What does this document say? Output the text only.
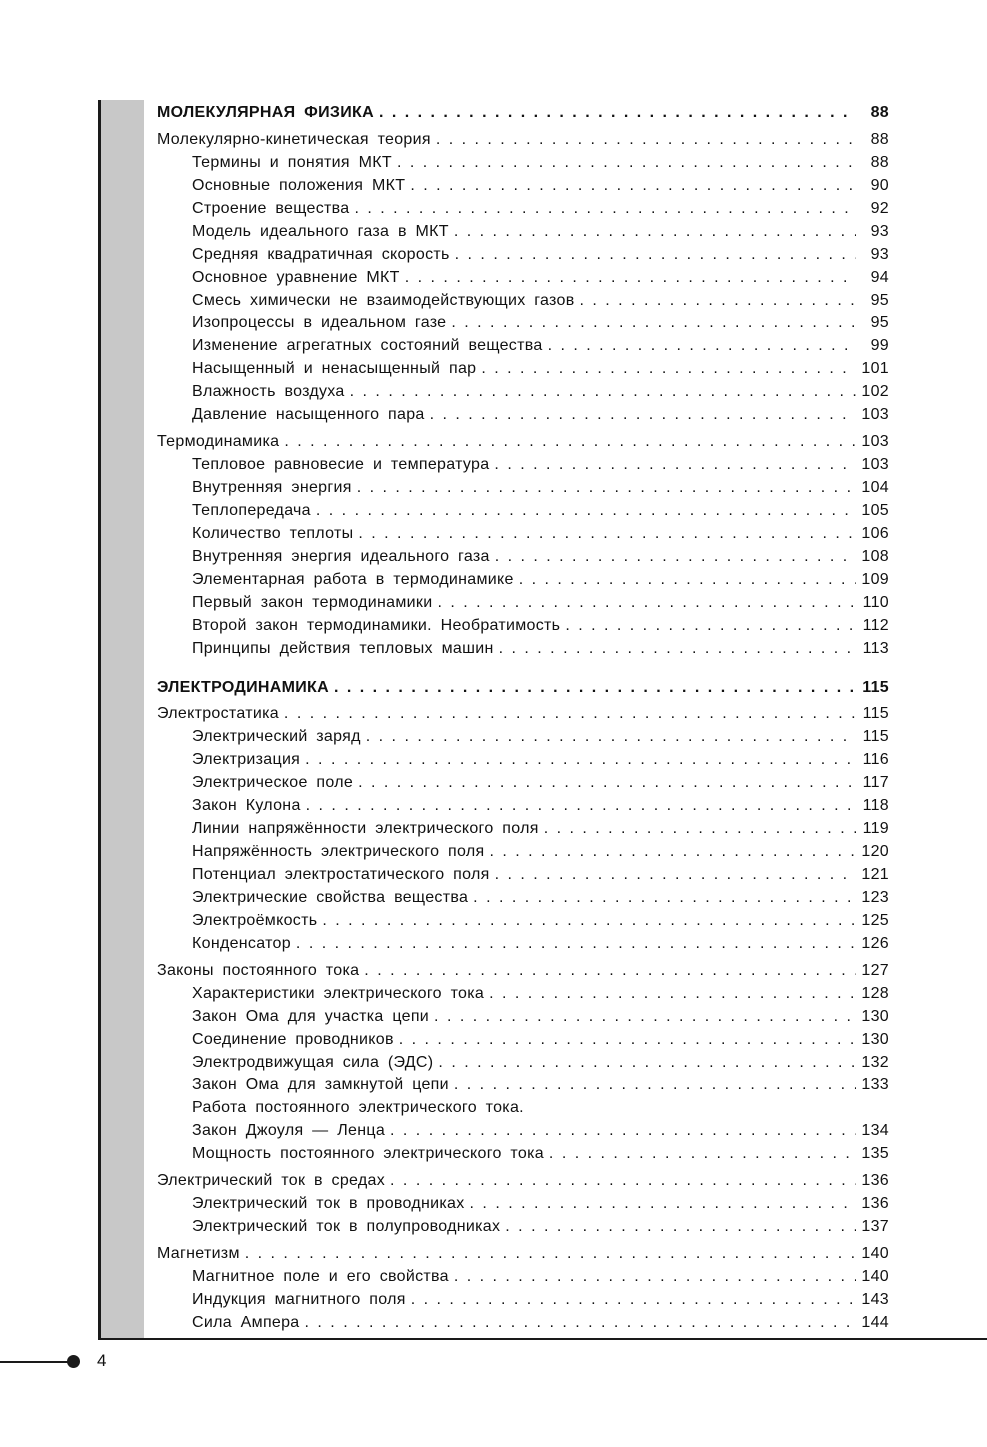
4
МОЛЕКУЛЯРНАЯ ФИЗИКА . . .	88
Молекулярно-кинетическая теория . . .	88
Термины и понятия МКТ . . .	88
Основные положения МКТ . . .	90
Строение вещества . . .	92
Модель идеального газа в МКТ . . .	93
Средняя квадратичная скорость . . .	93
Основное уравнение МКТ . . .	94
Смесь химически не взаимодействующих газов . . .	95
Изопроцессы в идеальном газе . . .	95
Изменение агрегатных состояний вещества . . .	99
Насыщенный и ненасыщенный пар . . .	101
Влажность воздуха . . .	102
Давление насыщенного пара . . .	103
Термодинамика . . .	103
Тепловое равновесие и температура . . .	103
Внутренняя энергия . . .	104
Теплопередача . . .	105
Количество теплоты . . .	106
Внутренняя энергия идеального газа . . .	108
Элементарная работа в термодинамике . . .	109
Первый закон термодинамики . . .	110
Второй закон термодинамики. Необратимость . . .	112
Принципы действия тепловых машин . . .	113
ЭЛЕКТРОДИНАМИКА . . .	115
Электростатика . . .	115
Электрический заряд . . .	115
Электризация . . .	116
Электрическое поле . . .	117
Закон Кулона . . .	118
Линии напряжённости электрического поля . . .	119
Напряжённость электрического поля . . .	120
Потенциал электростатического поля . . .	121
Электрические свойства вещества . . .	123
Электроёмкость . . .	125
Конденсатор . . .	126
Законы постоянного тока . . .	127
Характеристики электрического тока . . .	128
Закон Ома для участка цепи . . .	130
Соединение проводников . . .	130
Электродвижущая сила (ЭДС) . . .	132
Закон Ома для замкнутой цепи . . .	133
Работа постоянного электрического тока.
Закон Джоуля — Ленца . . .	134
Мощность постоянного электрического тока . . .	135
Электрический ток в средах . . .	136
Электрический ток в проводниках . . .	136
Электрический ток в полупроводниках . . .	137
Магнетизм . . .	140
Магнитное поле и его свойства . . .	140
Индукция магнитного поля . . .	143
Сила Ампера . . .	144
